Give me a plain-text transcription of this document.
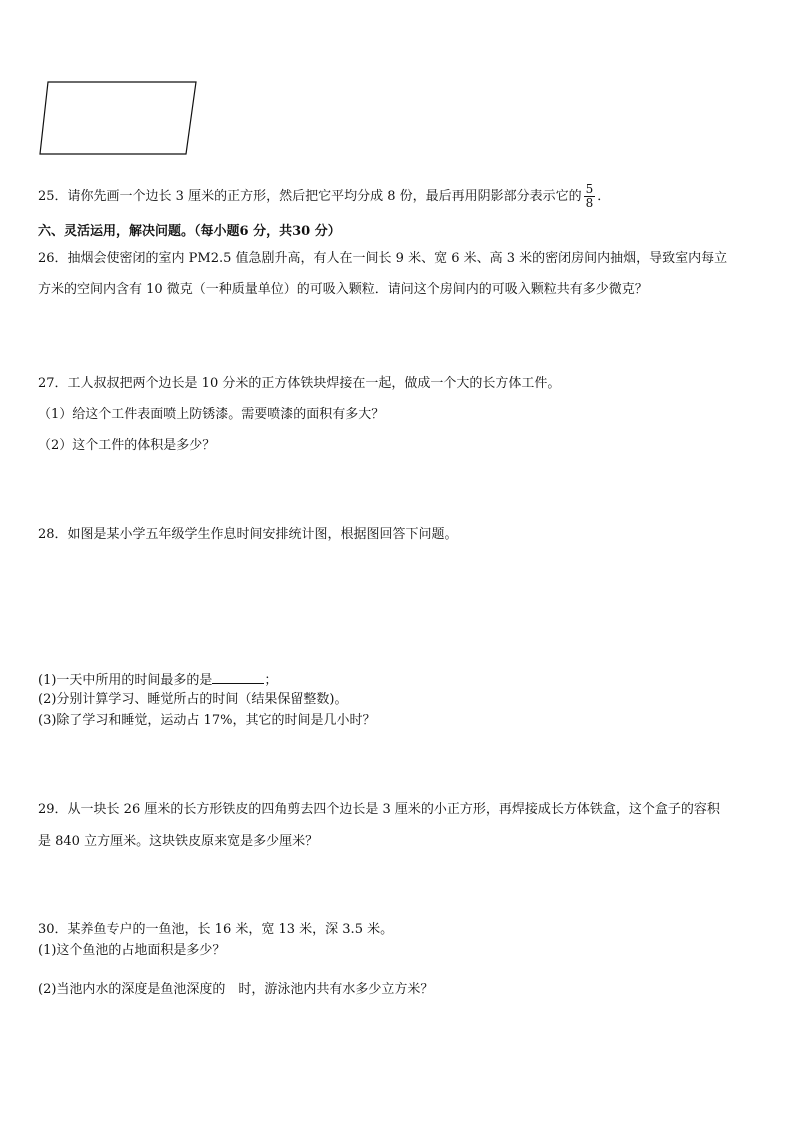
25．请你先画一个边长 3 厘米的正方形，然后把它平均分成 8 份，最后再用阴影部分表示它的 $\frac{5}{8}$ ．
六、灵活运用，解决问题。（每小题6 分，共30 分）
26．抽烟会使密闭的室内 PM2.5 值急剧升高，有人在一间长 9 米、宽 6 米、高 3 米的密闭房间内抽烟，导致室内每立
方米的空间内含有 10 微克（一种质量单位）的可吸入颗粒．请问这个房间内的可吸入颗粒共有多少微克？
27．工人叔叔把两个边长是 10 分米的正方体铁块焊接在一起，做成一个大的长方体工件。
（1）给这个工件表面喷上防锈漆。需要喷漆的面积有多大？
（2）这个工件的体积是多少？
28．如图是某小学五年级学生作息时间安排统计图，根据图回答下问题。
(1)一天中所用的时间最多的是	；
(2)分别计算学习、睡觉所占的时间（结果保留整数)。
(3)除了学习和睡觉，运动占 17%，其它的时间是几小时？
29．从一块长 26 厘米的长方形铁皮的四角剪去四个边长是 3 厘米的小正方形，再焊接成长方体铁盒，这个盒子的容积
是 840 立方厘米。这块铁皮原来宽是多少厘米？
30．某养鱼专户的一鱼池，长 16 米，宽 13 米，深 3.5 米。
(1)这个鱼池的占地面积是多少？
(2)当池内水的深度是鱼池深度的　时，游泳池内共有水多少立方米？
